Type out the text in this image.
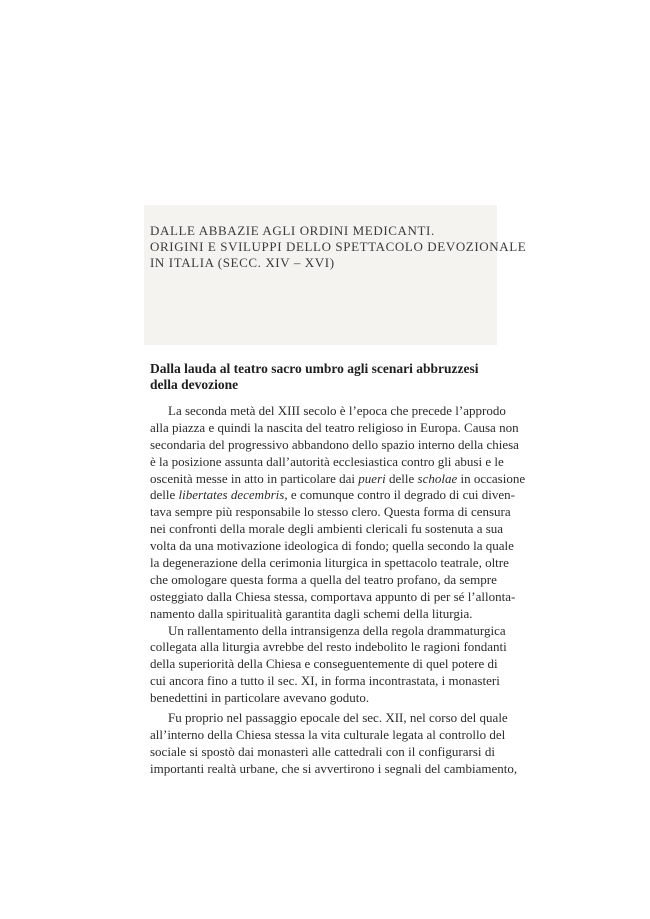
DALLE ABBAZIE AGLI ORDINI MEDICANTI.
ORIGINI E SVILUPPI DELLO SPETTACOLO DEVOZIONALE
IN ITALIA (SECC. XIV – XVI)
Dalla lauda al teatro sacro umbro agli scenari abbruzzesi
della devozione
La seconda metà del XIII secolo è l’epoca che precede l’approdo
alla piazza e quindi la nascita del teatro religioso in Europa. Causa non
secondaria del progressivo abbandono dello spazio interno della chiesa
è la posizione assunta dall’autorità ecclesiastica contro gli abusi e le
oscenità messe in atto in particolare dai pueri delle scholae in occasione
delle libertates decembris, e comunque contro il degrado di cui diven-
tava sempre più responsabile lo stesso clero. Questa forma di censura
nei confronti della morale degli ambienti clericali fu sostenuta a sua
volta da una motivazione ideologica di fondo; quella secondo la quale
la degenerazione della cerimonia liturgica in spettacolo teatrale, oltre
che omologare questa forma a quella del teatro profano, da sempre
osteggiato dalla Chiesa stessa, comportava appunto di per sé l’allonta-
namento dalla spiritualità garantita dagli schemi della liturgia.
Un rallentamento della intransigenza della regola drammaturgica
collegata alla liturgia avrebbe del resto indebolito le ragioni fondanti
della superiorità della Chiesa e conseguentemente di quel potere di
cui ancora fino a tutto il sec. XI, in forma incontrastata, i monasteri
benedettini in particolare avevano goduto.
Fu proprio nel passaggio epocale del sec. XII, nel corso del quale
all’interno della Chiesa stessa la vita culturale legata al controllo del
sociale si spostò dai monasteri alle cattedrali con il configurarsi di
importanti realtà urbane, che si avvertirono i segnali del cambiamento,
